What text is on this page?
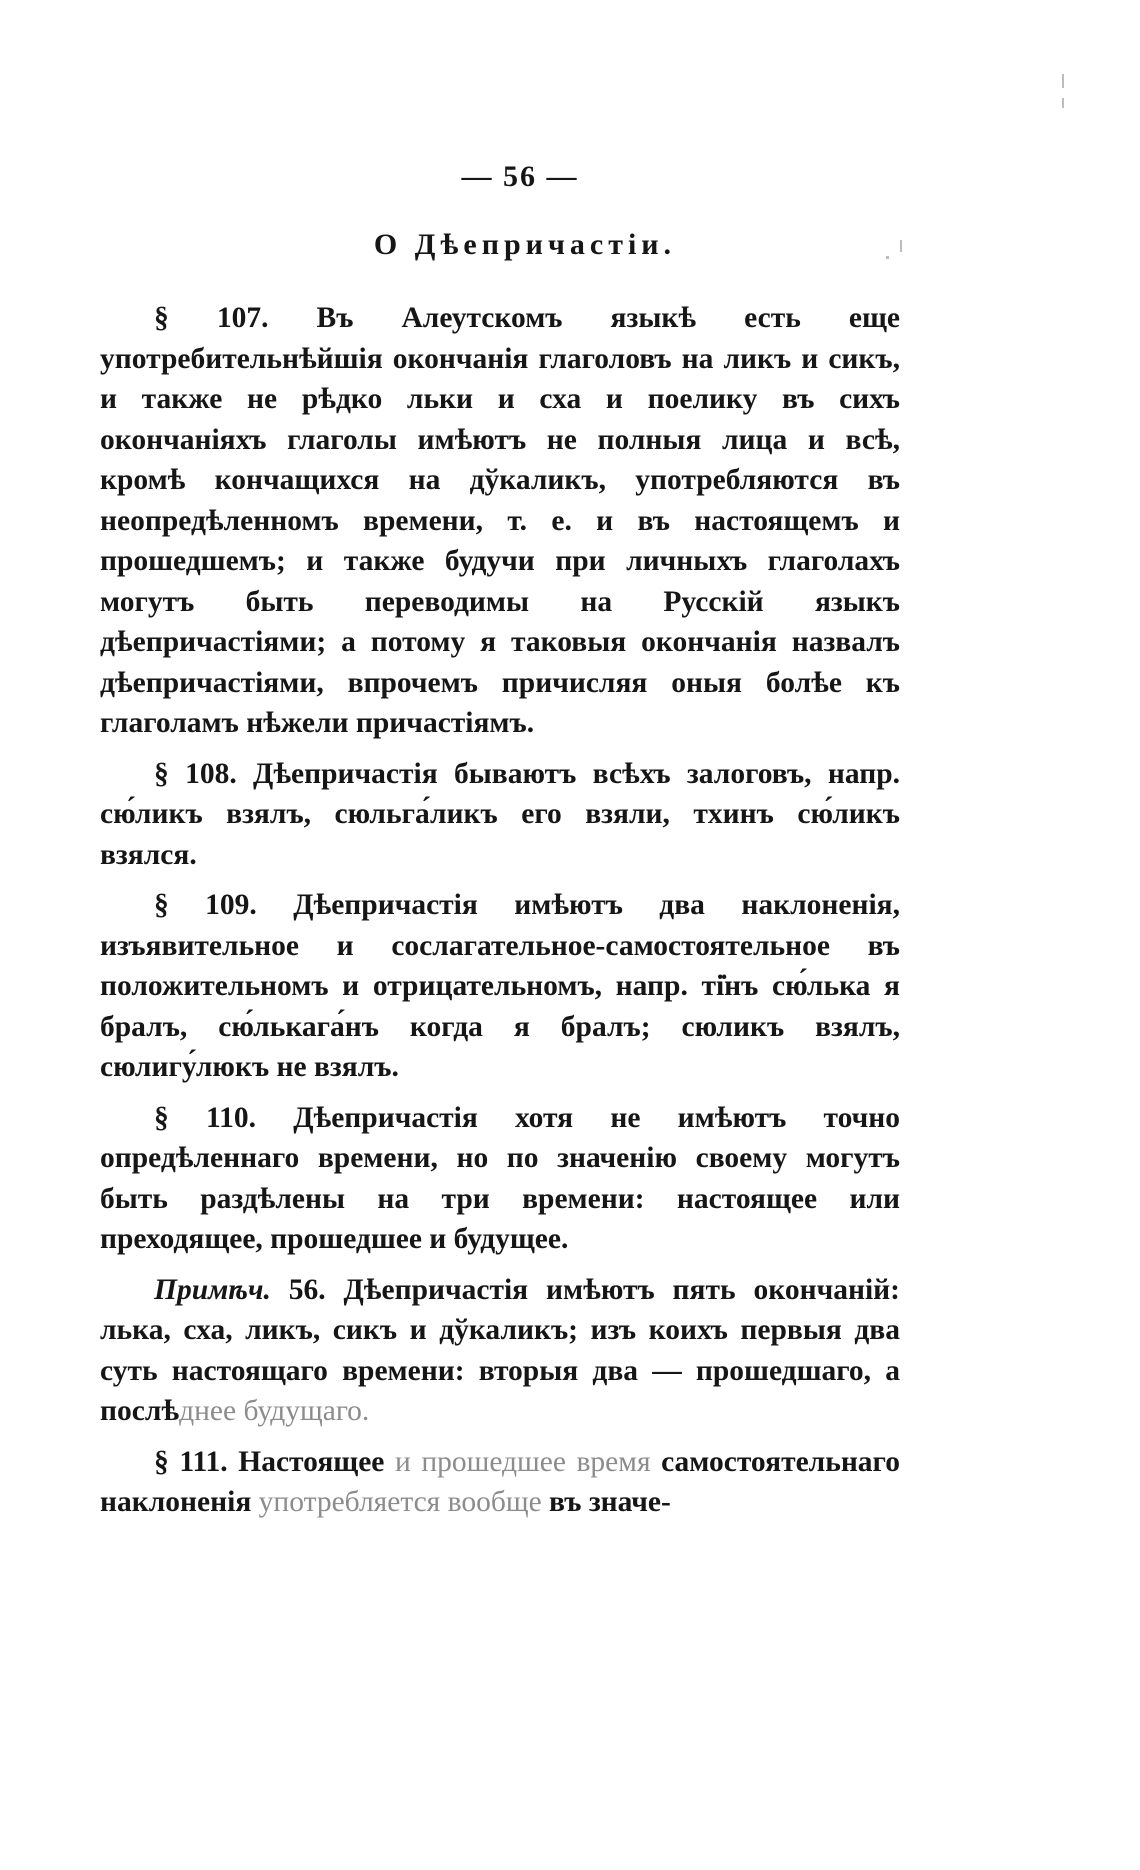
— 56 —
О Дѣепричастіи.

§ 107. Въ Алеутскомъ языкѣ есть еще употребительнѣйшія окончанія глаголовъ на ликъ и сикъ, и также не рѣдко льки и сха и поелику въ сихъ окончаніяхъ глаголы имѣютъ не полныя лица и всѣ, кромѣ кончащихся на дўкаликъ, употребляются въ неопредѣленномъ времени, т. е. и въ настоящемъ и прошедшемъ; и также будучи при личныхъ глаголахъ могутъ быть переводимы на Русскій языкъ дѣепричастіями; а потому я таковыя окончанія назвалъ дѣепричастіями, впрочемъ причисляя оныя болѣе къ глаголамъ нѣжели причастіямъ.

§ 108. Дѣепричастія бываютъ всѣхъ залоговъ, напр. сю́ликъ взялъ, сюльга́ликъ его взяли, тхинъ сю́ликъ взялся.

§ 109. Дѣепричастія имѣютъ два наклоненія, изъявительное и сослагательное-самостоятельное въ положительномъ и отрицательномъ, напр. ті̇нъ сю́лька я бралъ, сю́лькага́нъ когда я бралъ; сюликъ взялъ, сюлигу́люкъ не взялъ.

§ 110. Дѣепричастія хотя не имѣютъ точно опредѣленнаго времени, но по значенію своему могутъ быть раздѣлены на три времени: настоящее или преходящее, прошедшее и будущее.

Примѣч. 56. Дѣепричастія имѣютъ пять окончаній: лька, сха, ликъ, сикъ и дўкаликъ; изъ коихъ первыя два суть настоящаго времени: вторыя два — прошедшаго, а послѣднее будущаго.

§ 111. Настоящее и прошедшее время самостоятельнаго наклоненія употребляется вообще въ значе-
